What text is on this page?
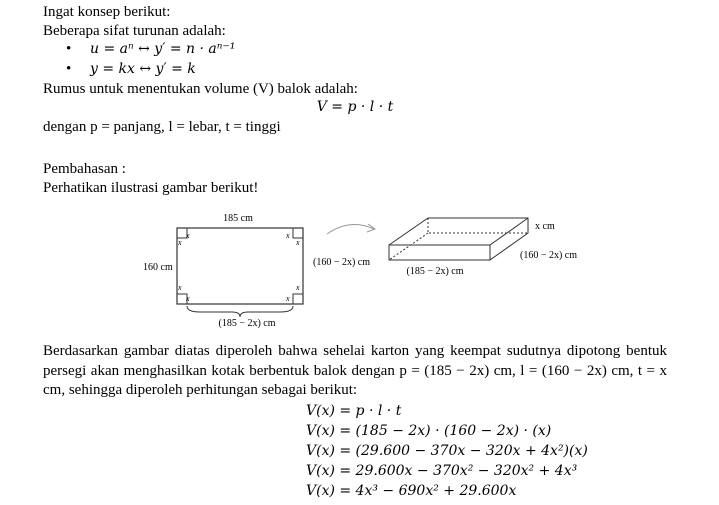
Ingat konsep berikut:
Beberapa sifat turunan adalah:
• u = aⁿ ↔ y′ = n · aⁿ⁻¹
• y = kx ↔ y′ = k
Rumus untuk menentukan volume (V) balok adalah:
V = p · l · t
dengan p = panjang, l = lebar, t = tinggi
Pembahasan :
Perhatikan ilustrasi gambar berikut!
185 cm
160 cm	(160 − 2x) cm
(185 − 2x) cm
x cm
(185 − 2x) cm
(160 − 2x) cm
x
x
x
x
x
x
x
x
Berdasarkan gambar diatas diperoleh bahwa sehelai karton yang keempat sudutnya dipotong bentuk persegi akan menghasilkan kotak berbentuk balok dengan p = (185 − 2x) cm, l = (160 − 2x) cm, t = x cm, sehingga diperoleh perhitungan sebagai berikut:
V(x) = p · l · t
V(x) = (185 − 2x) · (160 − 2x) · (x)
V(x) = (29.600 − 370x − 320x + 4x²)(x)
V(x) = 29.600x − 370x² − 320x² + 4x³
V(x) = 4x³ − 690x² + 29.600x
